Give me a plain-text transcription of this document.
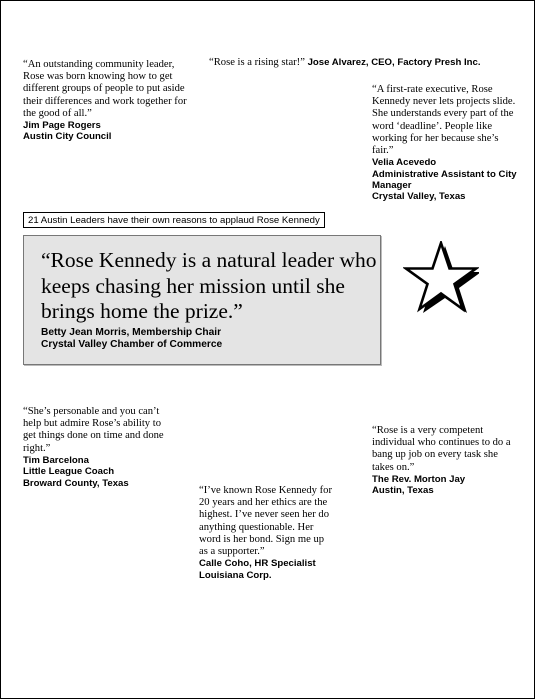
“An outstanding community leader, Rose was born knowing how to get different groups of people to put aside their differences and work together for the good of all.”
Jim Page Rogers
Austin City Council
“Rose is a rising star!” Jose Alvarez, CEO, Factory Presh Inc.
“A first-rate executive, Rose Kennedy never lets projects slide. She understands every part of the word ‘deadline’. People like working for her because she’s fair.”
Velia Acevedo
Administrative Assistant to City Manager
Crystal Valley, Texas
21 Austin Leaders have their own reasons to applaud Rose Kennedy
“Rose Kennedy is a natural leader who keeps chasing her mission until she brings home the prize.”
Betty Jean Morris, Membership Chair
Crystal Valley Chamber of Commerce
“She’s personable and you can’t help but admire Rose’s ability to get things done on time and done right.”
Tim Barcelona
Little League Coach
Broward County, Texas
“I’ve known Rose Kennedy for 20 years and her ethics are the highest. I’ve never seen her do anything questionable. Her word is her bond. Sign me up as a supporter.”
Calle Coho, HR Specialist
Louisiana Corp.
“Rose is a very competent individual who continues to do a bang up job on every task she takes on.”
The Rev. Morton Jay
Austin, Texas
